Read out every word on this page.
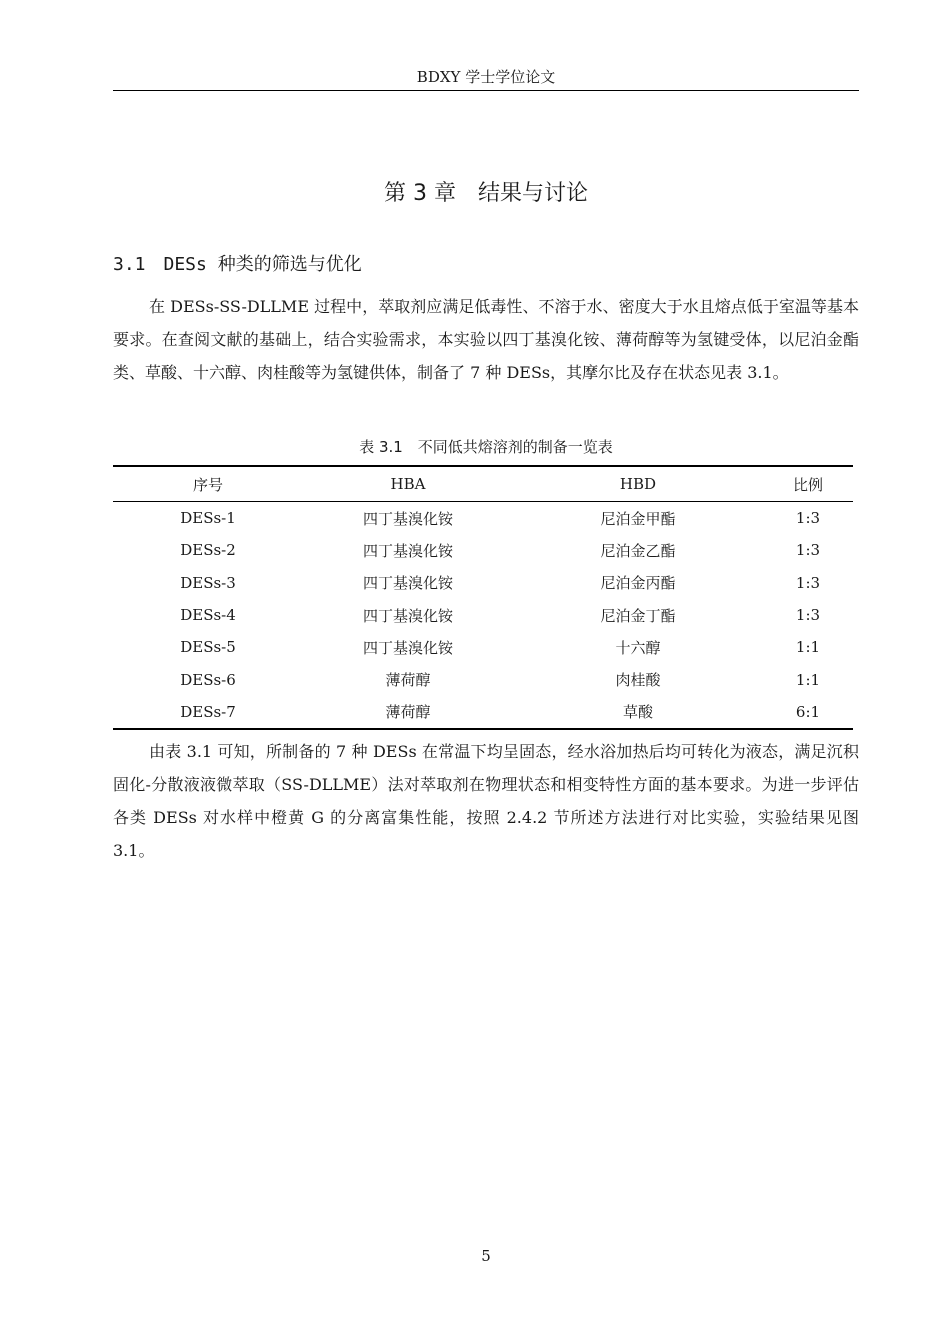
BDXY 学士学位论文
第 3 章　结果与讨论
3.1　DESs 种类的筛选与优化

在 DESs-SS-DLLME 过程中，萃取剂应满足低毒性、不溶于水、密度大于水且熔点低于室温等基本要求。在查阅文献的基础上，结合实验需求，本实验以四丁基溴化铵、薄荷醇等为氢键受体，以尼泊金酯类、草酸、十六醇、肉桂酸等为氢键供体，制备了 7 种 DESs，其摩尔比及存在状态见表 3.1。

表 3.1　不同低共熔溶剂的制备一览表
序号	HBA	HBD	比例
DESs-1	四丁基溴化铵	尼泊金甲酯	1:3
DESs-2	四丁基溴化铵	尼泊金乙酯	1:3
DESs-3	四丁基溴化铵	尼泊金丙酯	1:3
DESs-4	四丁基溴化铵	尼泊金丁酯	1:3
DESs-5	四丁基溴化铵	十六醇	1:1
DESs-6	薄荷醇	肉桂酸	1:1
DESs-7	薄荷醇	草酸	6:1

由表 3.1 可知，所制备的 7 种 DESs 在常温下均呈固态，经水浴加热后均可转化为液态，满足沉积固化-分散液液微萃取（SS-DLLME）法对萃取剂在物理状态和相变特性方面的基本要求。为进一步评估各类 DESs 对水样中橙黄 G 的分离富集性能，按照 2.4.2 节所述方法进行对比实验，实验结果见图 3.1。

5
